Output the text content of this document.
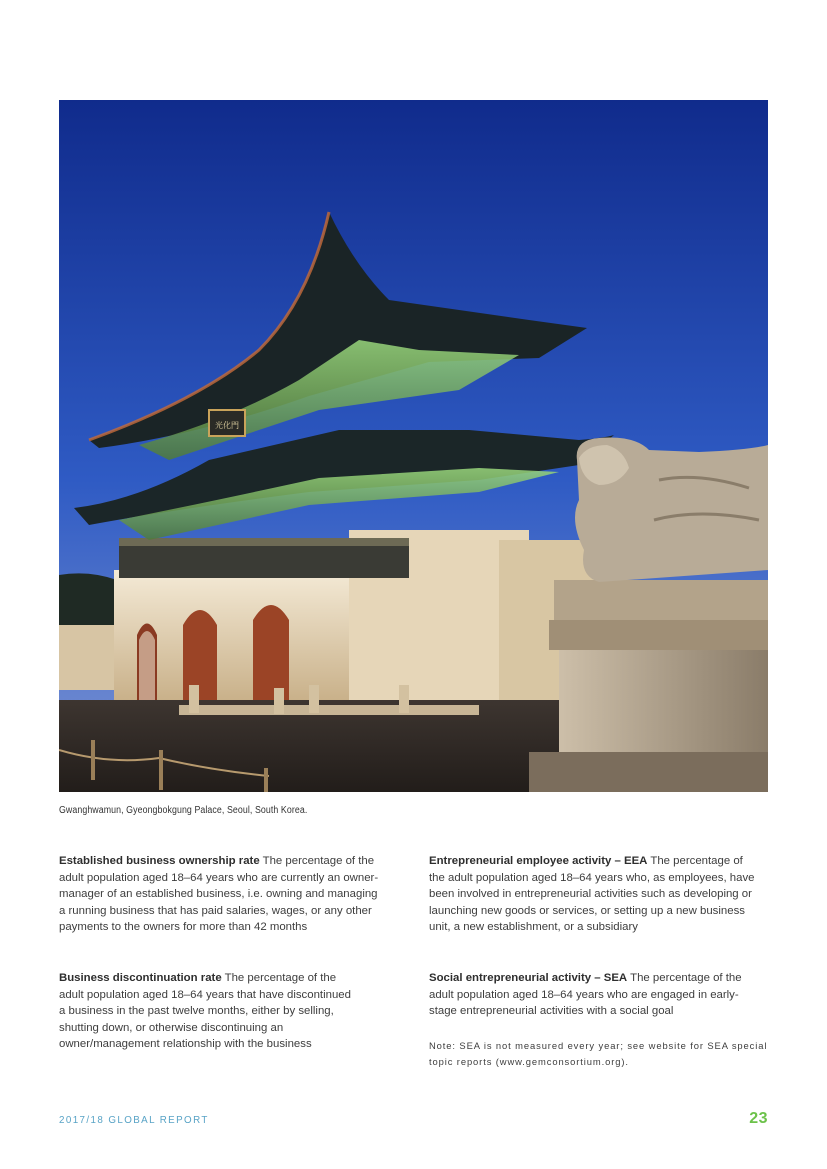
光化門
Gwanghwamun, Gyeongbokgung Palace, Seoul, South Korea.

Established business ownership rate The percentage of the adult population aged 18–64 years who are currently an owner-manager of an established business, i.e. owning and managing a running business that has paid salaries, wages, or any other payments to the owners for more than 42 months

Business discontinuation rate The percentage of the adult population aged 18–64 years that have discontinued a business in the past twelve months, either by selling, shutting down, or otherwise discontinuing an owner/management relationship with the business

Entrepreneurial employee activity – EEA The percentage of the adult population aged 18–64 years who, as employees, have been involved in entrepreneurial activities such as developing or launching new goods or services, or setting up a new business unit, a new establishment, or a subsidiary

Social entrepreneurial activity – SEA The percentage of the adult population aged 18–64 years who are engaged in early-stage entrepreneurial activities with a social goal

Note: SEA is not measured every year; see website for SEA special topic reports (www.gemconsortium.org).
2017/18 GLOBAL REPORT	23
